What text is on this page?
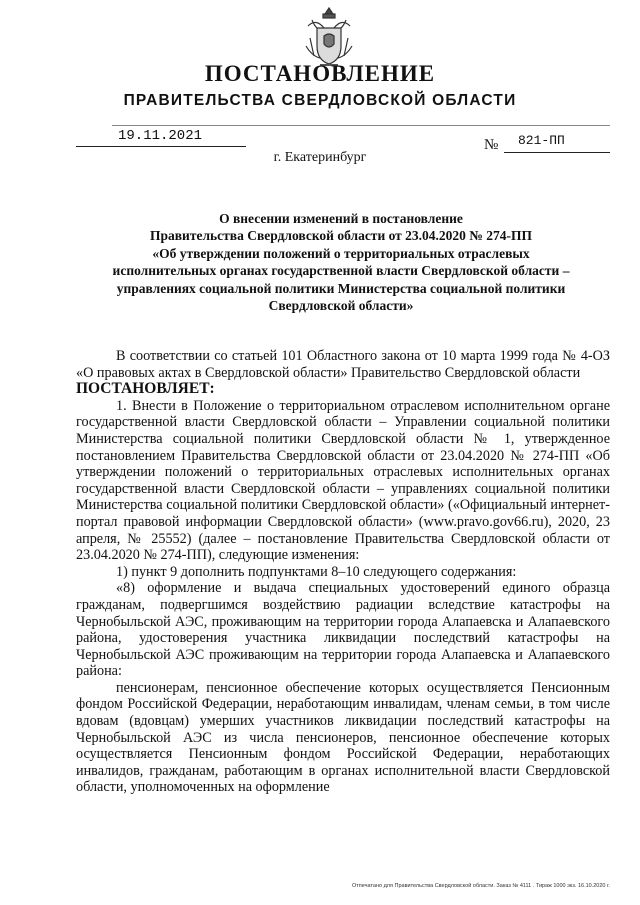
ПОСТАНОВЛЕНИЕ
ПРАВИТЕЛЬСТВА СВЕРДЛОВСКОЙ ОБЛАСТИ
19.11.2021
№ 821-ПП
г. Екатеринбург
О внесении изменений в постановление
Правительства Свердловской области от 23.04.2020 № 274-ПП
«Об утверждении положений о территориальных отраслевых
исполнительных органах государственной власти Свердловской области –
управлениях социальной политики Министерства социальной политики
Свердловской области»

В соответствии со статьей 101 Областного закона от 10 марта 1999 года № 4-ОЗ «О правовых актах в Свердловской области» Правительство Свердловской области

ПОСТАНОВЛЯЕТ:

1. Внести в Положение о территориальном отраслевом исполнительном органе государственной власти Свердловской области – Управлении социальной политики Министерства социальной политики Свердловской области № 1, утвержденное постановлением Правительства Свердловской области от 23.04.2020 № 274-ПП «Об утверждении положений о территориальных отраслевых исполнительных органах государственной власти Свердловской области – управлениях социальной политики Министерства социальной политики Свердловской области» («Официальный интернет-портал правовой информации Свердловской области» (www.pravo.gov66.ru), 2020, 23 апреля, № 25552) (далее – постановление Правительства Свердловской области от 23.04.2020 № 274-ПП), следующие изменения:

1) пункт 9 дополнить подпунктами 8–10 следующего содержания:

«8) оформление и выдача специальных удостоверений единого образца гражданам, подвергшимся воздействию радиации вследствие катастрофы на Чернобыльской АЭС, проживающим на территории города Алапаевска и Алапаевского района, удостоверения участника ликвидации последствий катастрофы на Чернобыльской АЭС проживающим на территории города Алапаевска и Алапаевского района:

пенсионерам, пенсионное обеспечение которых осуществляется Пенсионным фондом Российской Федерации, неработающим инвалидам, членам семьи, в том числе вдовам (вдовцам) умерших участников ликвидации последствий катастрофы на Чернобыльской АЭС из числа пенсионеров, пенсионное обеспечение которых осуществляется Пенсионным фондом Российской Федерации, неработающих инвалидов, гражданам, работающим в органах исполнительной власти Свердловской области, уполномоченных на оформление

Отпечатано для Правительства Свердловской области. Заказ № 4111 . Тираж 1000 экз. 16.10.2020 г.
